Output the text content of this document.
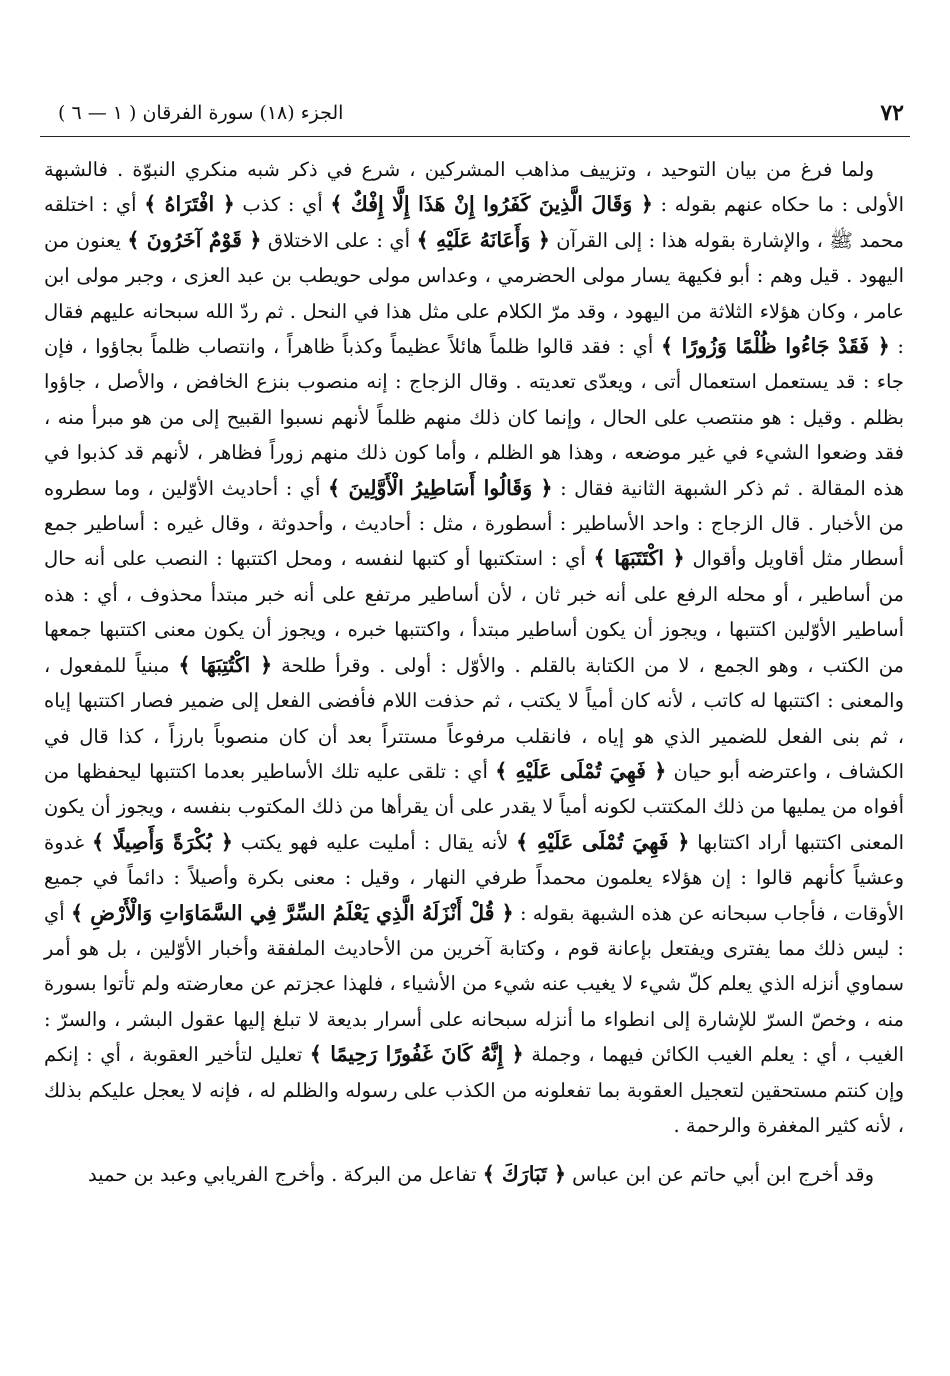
٧٢
الجزء (١٨) سورة الفرقان ( ١ — ٦ )

ولما فرغ من بيان التوحيد ، وتزييف مذاهب المشركين ، شرع في ذكر شبه منكري النبوّة . فالشبهة الأولى : ما حكاه عنهم بقوله : ﴿ وَقَالَ الَّذِينَ كَفَرُوا إِنْ هَذَا إِلَّا إِفْكٌ ﴾ أي : كذب ﴿ افْتَرَاهُ ﴾ أي : اختلقه محمد ﷺ ، والإشارة بقوله هذا : إلى القرآن ﴿ وَأَعَانَهُ عَلَيْهِ ﴾ أي : على الاختلاق ﴿ قَوْمٌ آخَرُونَ ﴾ يعنون من اليهود . قيل وهم : أبو فكيهة يسار مولى الحضرمي ، وعداس مولى حويطب بن عبد العزى ، وجبر مولى ابن عامر ، وكان هؤلاء الثلاثة من اليهود ، وقد مرّ الكلام على مثل هذا في النحل . ثم ردّ الله سبحانه عليهم فقال : ﴿ فَقَدْ جَاءُوا ظُلْمًا وَزُورًا ﴾ أي : فقد قالوا ظلماً هائلاً عظيماً وكذباً ظاهراً ، وانتصاب ظلماً بجاؤوا ، فإن جاء : قد يستعمل استعمال أتى ، ويعدّى تعديته . وقال الزجاج : إنه منصوب بنزع الخافض ، والأصل ، جاؤوا بظلم . وقيل : هو منتصب على الحال ، وإنما كان ذلك منهم ظلماً لأنهم نسبوا القبيح إلى من هو مبرأ منه ، فقد وضعوا الشيء في غير موضعه ، وهذا هو الظلم ، وأما كون ذلك منهم زوراً فظاهر ، لأنهم قد كذبوا في هذه المقالة . ثم ذكر الشبهة الثانية فقال : ﴿ وَقَالُوا أَسَاطِيرُ الْأَوَّلِينَ ﴾ أي : أحاديث الأوّلين ، وما سطروه من الأخبار . قال الزجاج : واحد الأساطير : أسطورة ، مثل : أحاديث ، وأحدوثة ، وقال غيره : أساطير جمع أسطار مثل أقاويل وأقوال ﴿ اكْتَتَبَهَا ﴾ أي : استكتبها أو كتبها لنفسه ، ومحل اكتتبها : النصب على أنه حال من أساطير ، أو محله الرفع على أنه خبر ثان ، لأن أساطير مرتفع على أنه خبر مبتدأ محذوف ، أي : هذه أساطير الأوّلين اكتتبها ، ويجوز أن يكون أساطير مبتدأ ، واكتتبها خبره ، ويجوز أن يكون معنى اكتتبها جمعها من الكتب ، وهو الجمع ، لا من الكتابة بالقلم . والأوّل : أولى . وقرأ طلحة ﴿ اكْتُتِبَهَا ﴾ مبنياً للمفعول ، والمعنى : اكتتبها له كاتب ، لأنه كان أمياً لا يكتب ، ثم حذفت اللام فأفضى الفعل إلى ضمير فصار اكتتبها إياه ، ثم بنى الفعل للضمير الذي هو إياه ، فانقلب مرفوعاً مستتراً بعد أن كان منصوباً بارزاً ، كذا قال في الكشاف ، واعترضه أبو حيان ﴿ فَهِيَ تُمْلَى عَلَيْهِ ﴾ أي : تلقى عليه تلك الأساطير بعدما اكتتبها ليحفظها من أفواه من يمليها من ذلك المكتتب لكونه أمياً لا يقدر على أن يقرأها من ذلك المكتوب بنفسه ، ويجوز أن يكون المعنى اكتتبها أراد اكتتابها ﴿ فَهِيَ تُمْلَى عَلَيْهِ ﴾ لأنه يقال : أمليت عليه فهو يكتب ﴿ بُكْرَةً وَأَصِيلًا ﴾ غدوة وعشياً كأنهم قالوا : إن هؤلاء يعلمون محمداً طرفي النهار ، وقيل : معنى بكرة وأصيلاً : دائماً في جميع الأوقات ، فأجاب سبحانه عن هذه الشبهة بقوله : ﴿ قُلْ أَنْزَلَهُ الَّذِي يَعْلَمُ السِّرَّ فِي السَّمَاوَاتِ وَالْأَرْضِ ﴾ أي : ليس ذلك مما يفترى ويفتعل بإعانة قوم ، وكتابة آخرين من الأحاديث الملفقة وأخبار الأوّلين ، بل هو أمر سماوي أنزله الذي يعلم كلّ شيء لا يغيب عنه شيء من الأشياء ، فلهذا عجزتم عن معارضته ولم تأتوا بسورة منه ، وخصّ السرّ للإشارة إلى انطواء ما أنزله سبحانه على أسرار بديعة لا تبلغ إليها عقول البشر ، والسرّ : الغيب ، أي : يعلم الغيب الكائن فيهما ، وجملة ﴿ إِنَّهُ كَانَ غَفُورًا رَحِيمًا ﴾ تعليل لتأخير العقوبة ، أي : إنكم وإن كنتم مستحقين لتعجيل العقوبة بما تفعلونه من الكذب على رسوله والظلم له ، فإنه لا يعجل عليكم بذلك ، لأنه كثير المغفرة والرحمة .

وقد أخرج ابن أبي حاتم عن ابن عباس ﴿ تَبَارَكَ ﴾ تفاعل من البركة . وأخرج الفريابي وعبد بن حميد
